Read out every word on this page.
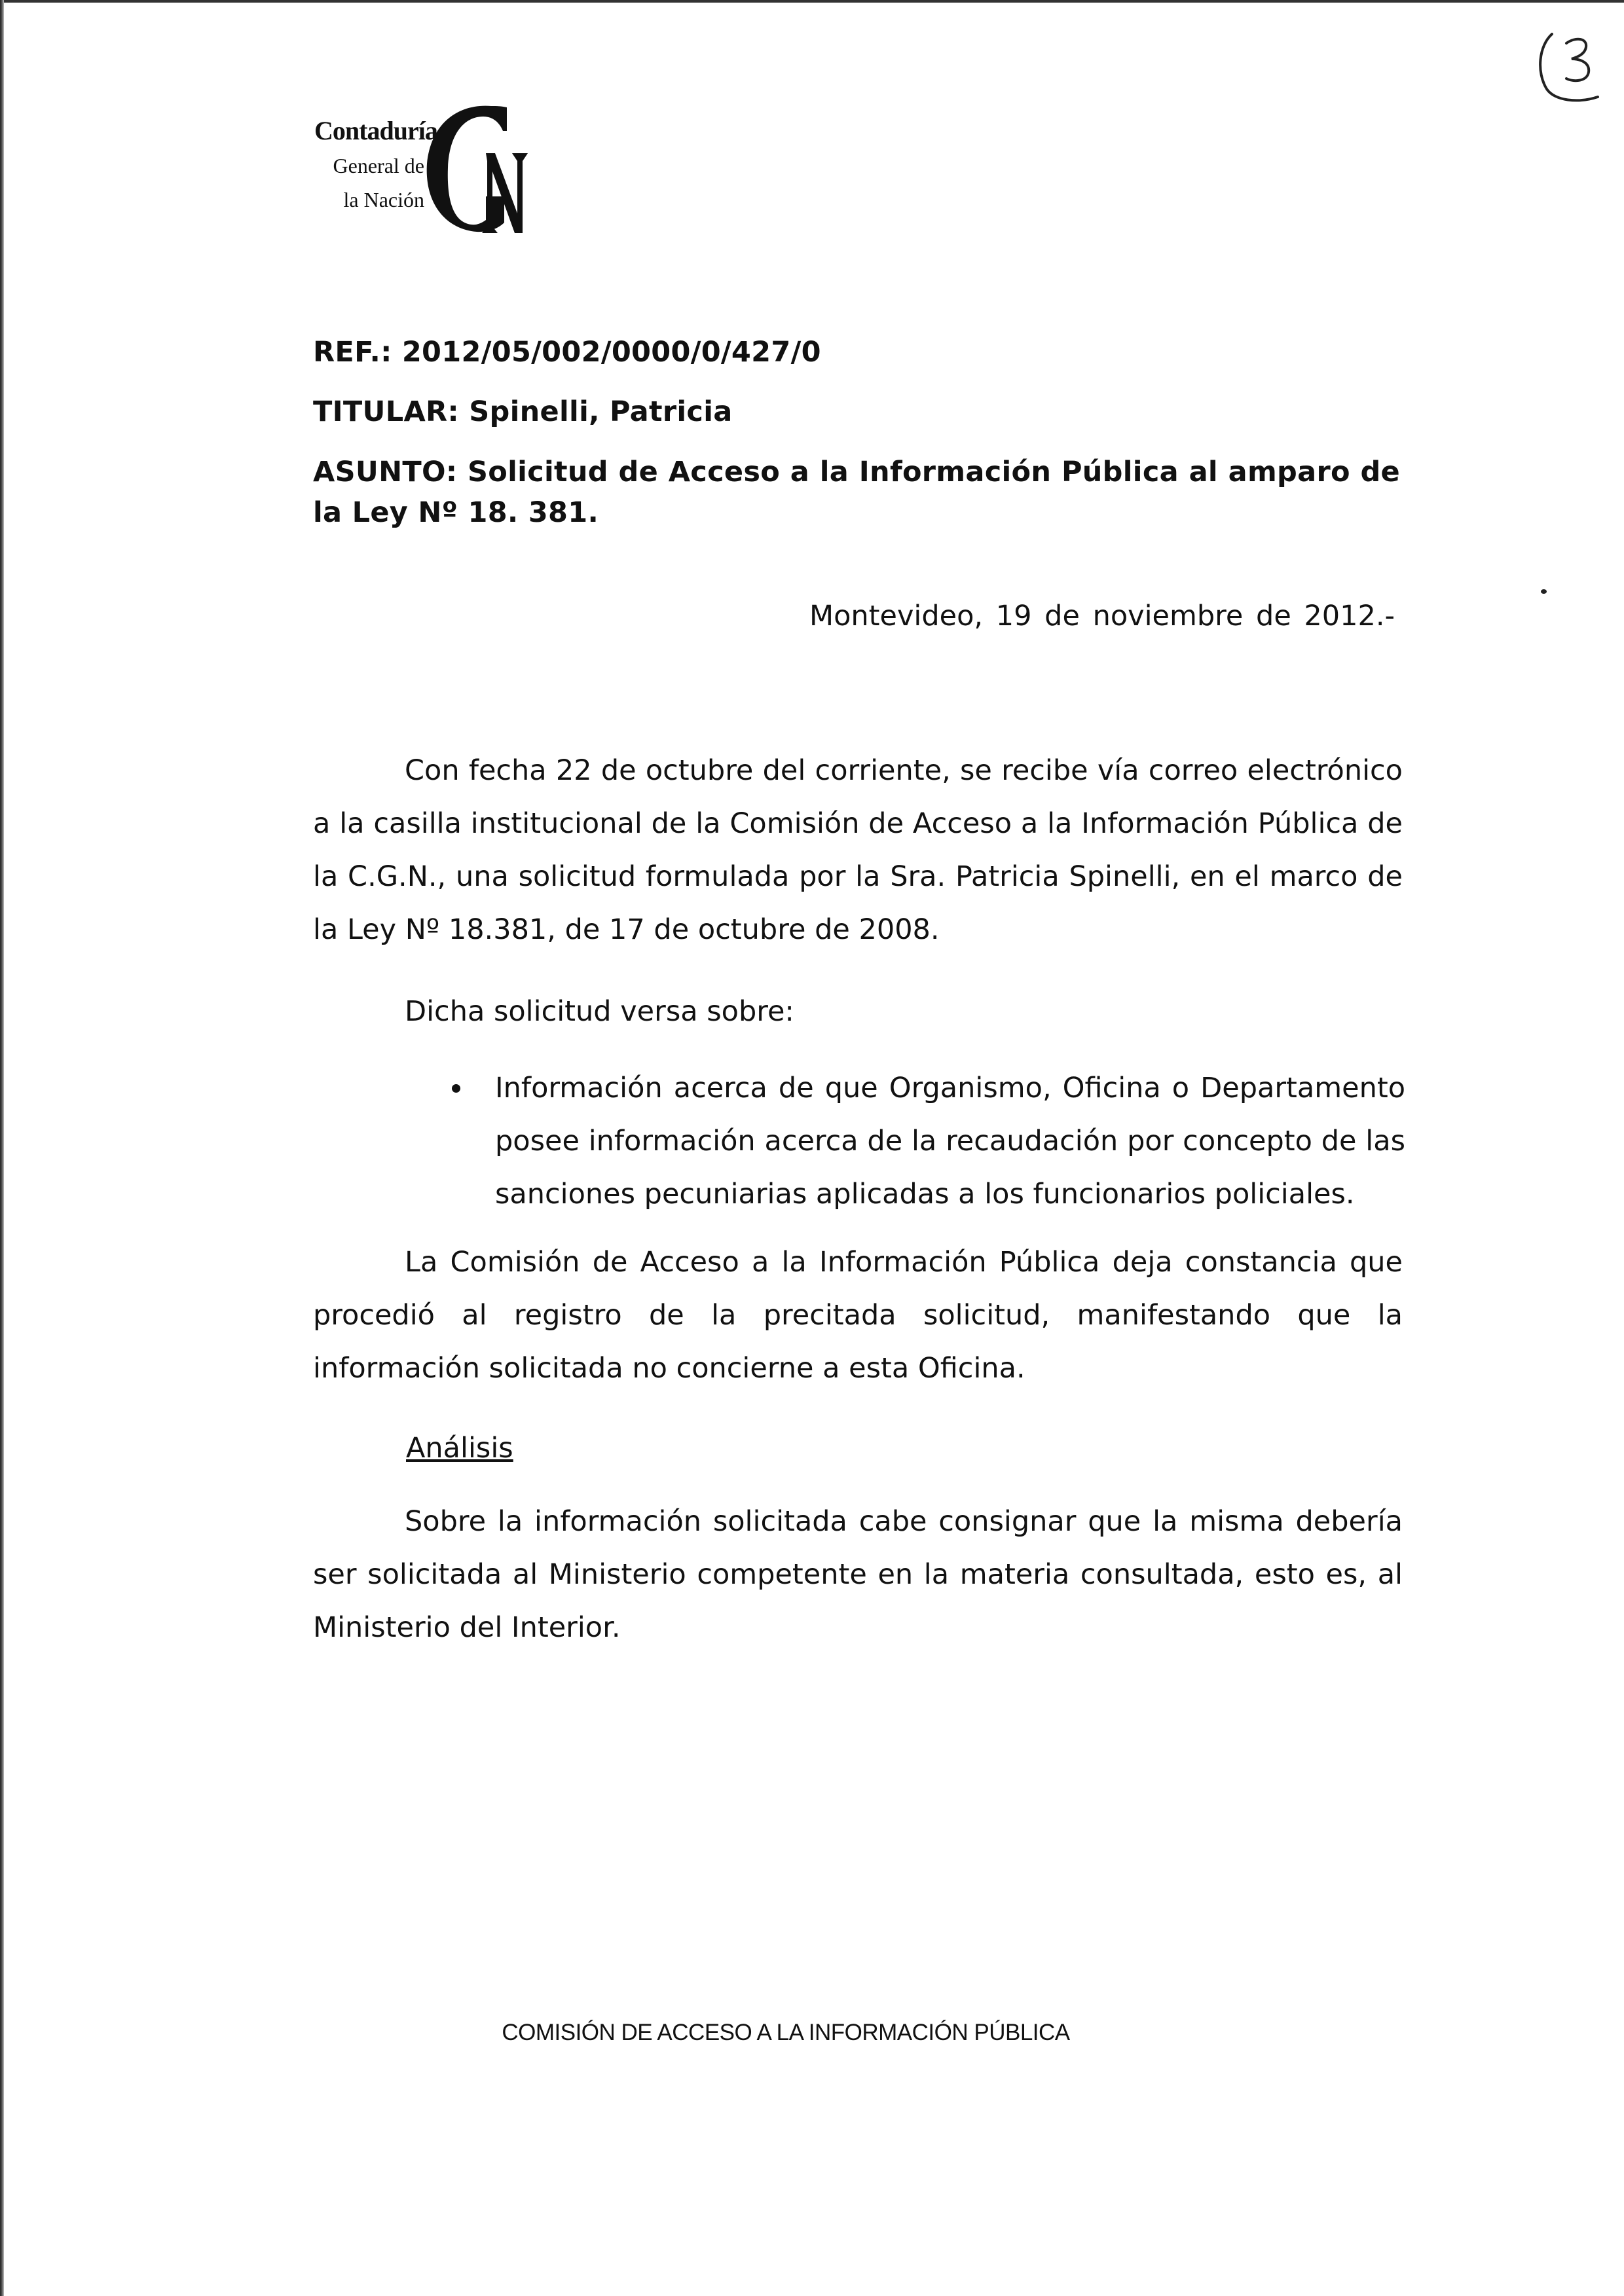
Contaduría
General de
la Nación
REF.: 2012/05/002/0000/0/427/0
TITULAR: Spinelli, Patricia
ASUNTO: Solicitud de Acceso a la Información Pública al amparo de la Ley Nº 18. 381.
Montevideo, 19 de noviembre de 2012.-

Con fecha 22 de octubre del corriente, se recibe vía correo electrónico a la casilla institucional de la Comisión de Acceso a la Información Pública de la C.G.N., una solicitud formulada por la Sra. Patricia Spinelli, en el marco de la Ley Nº 18.381, de 17 de octubre de 2008.

Dicha solicitud versa sobre:

Información acerca de que Organismo, Oficina o Departamento posee información acerca de la recaudación por concepto de las sanciones pecuniarias aplicadas a los funcionarios policiales.

La Comisión de Acceso a la Información Pública deja constancia que procedió al registro de la precitada solicitud, manifestando que la información solicitada no concierne a esta Oficina.

Análisis

Sobre la información solicitada cabe consignar que la misma debería ser solicitada al Ministerio competente en la materia consultada, esto es, al Ministerio del Interior.

COMISIÓN DE ACCESO A LA INFORMACIÓN PÚBLICA
